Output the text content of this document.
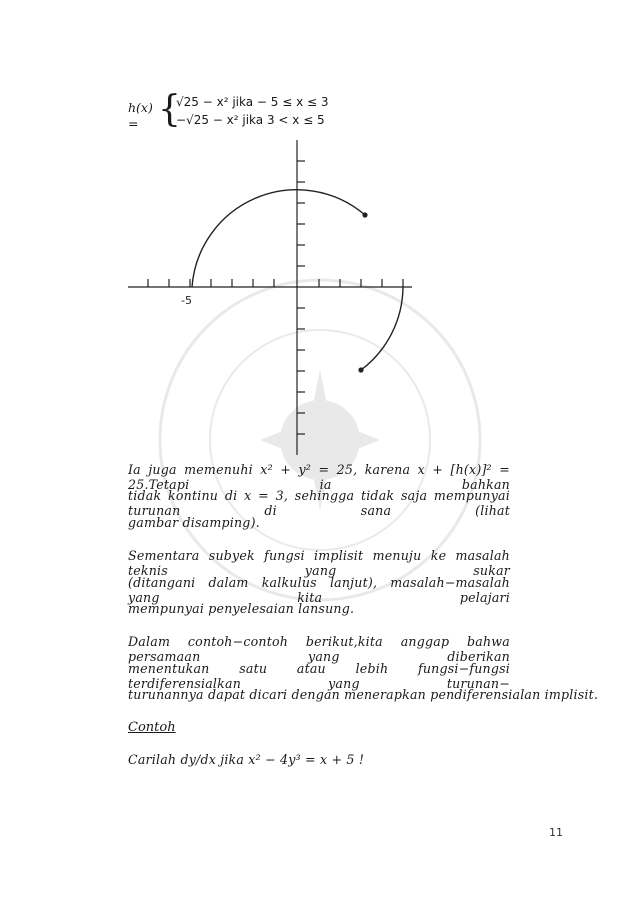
h(x) = {
√25 − x² jika − 5 ≤ x ≤ 3
−√25 − x² jika 3 < x ≤ 5
-5
Ia juga memenuhi x² + y² = 25, karena x + [h(x)]² = 25.Tetapi ia bahkan
tidak kontinu di x = 3, sehingga tidak saja mempunyai turunan di sana (lihat
gambar disamping).
Sementara subyek fungsi implisit menuju ke masalah teknis yang sukar
(ditangani dalam kalkulus lanjut), masalah−masalah yang kita pelajari
mempunyai penyelesaian lansung.
Dalam contoh−contoh berikut,kita anggap bahwa persamaan yang diberikan
menentukan satu atau lebih fungsi−fungsi terdiferensialkan yang turunan−
turunannya dapat dicari dengan menerapkan pendiferensialan implisit.
Contoh
Carilah dy/dx jika x² − 4y³ = x + 5 !
11
